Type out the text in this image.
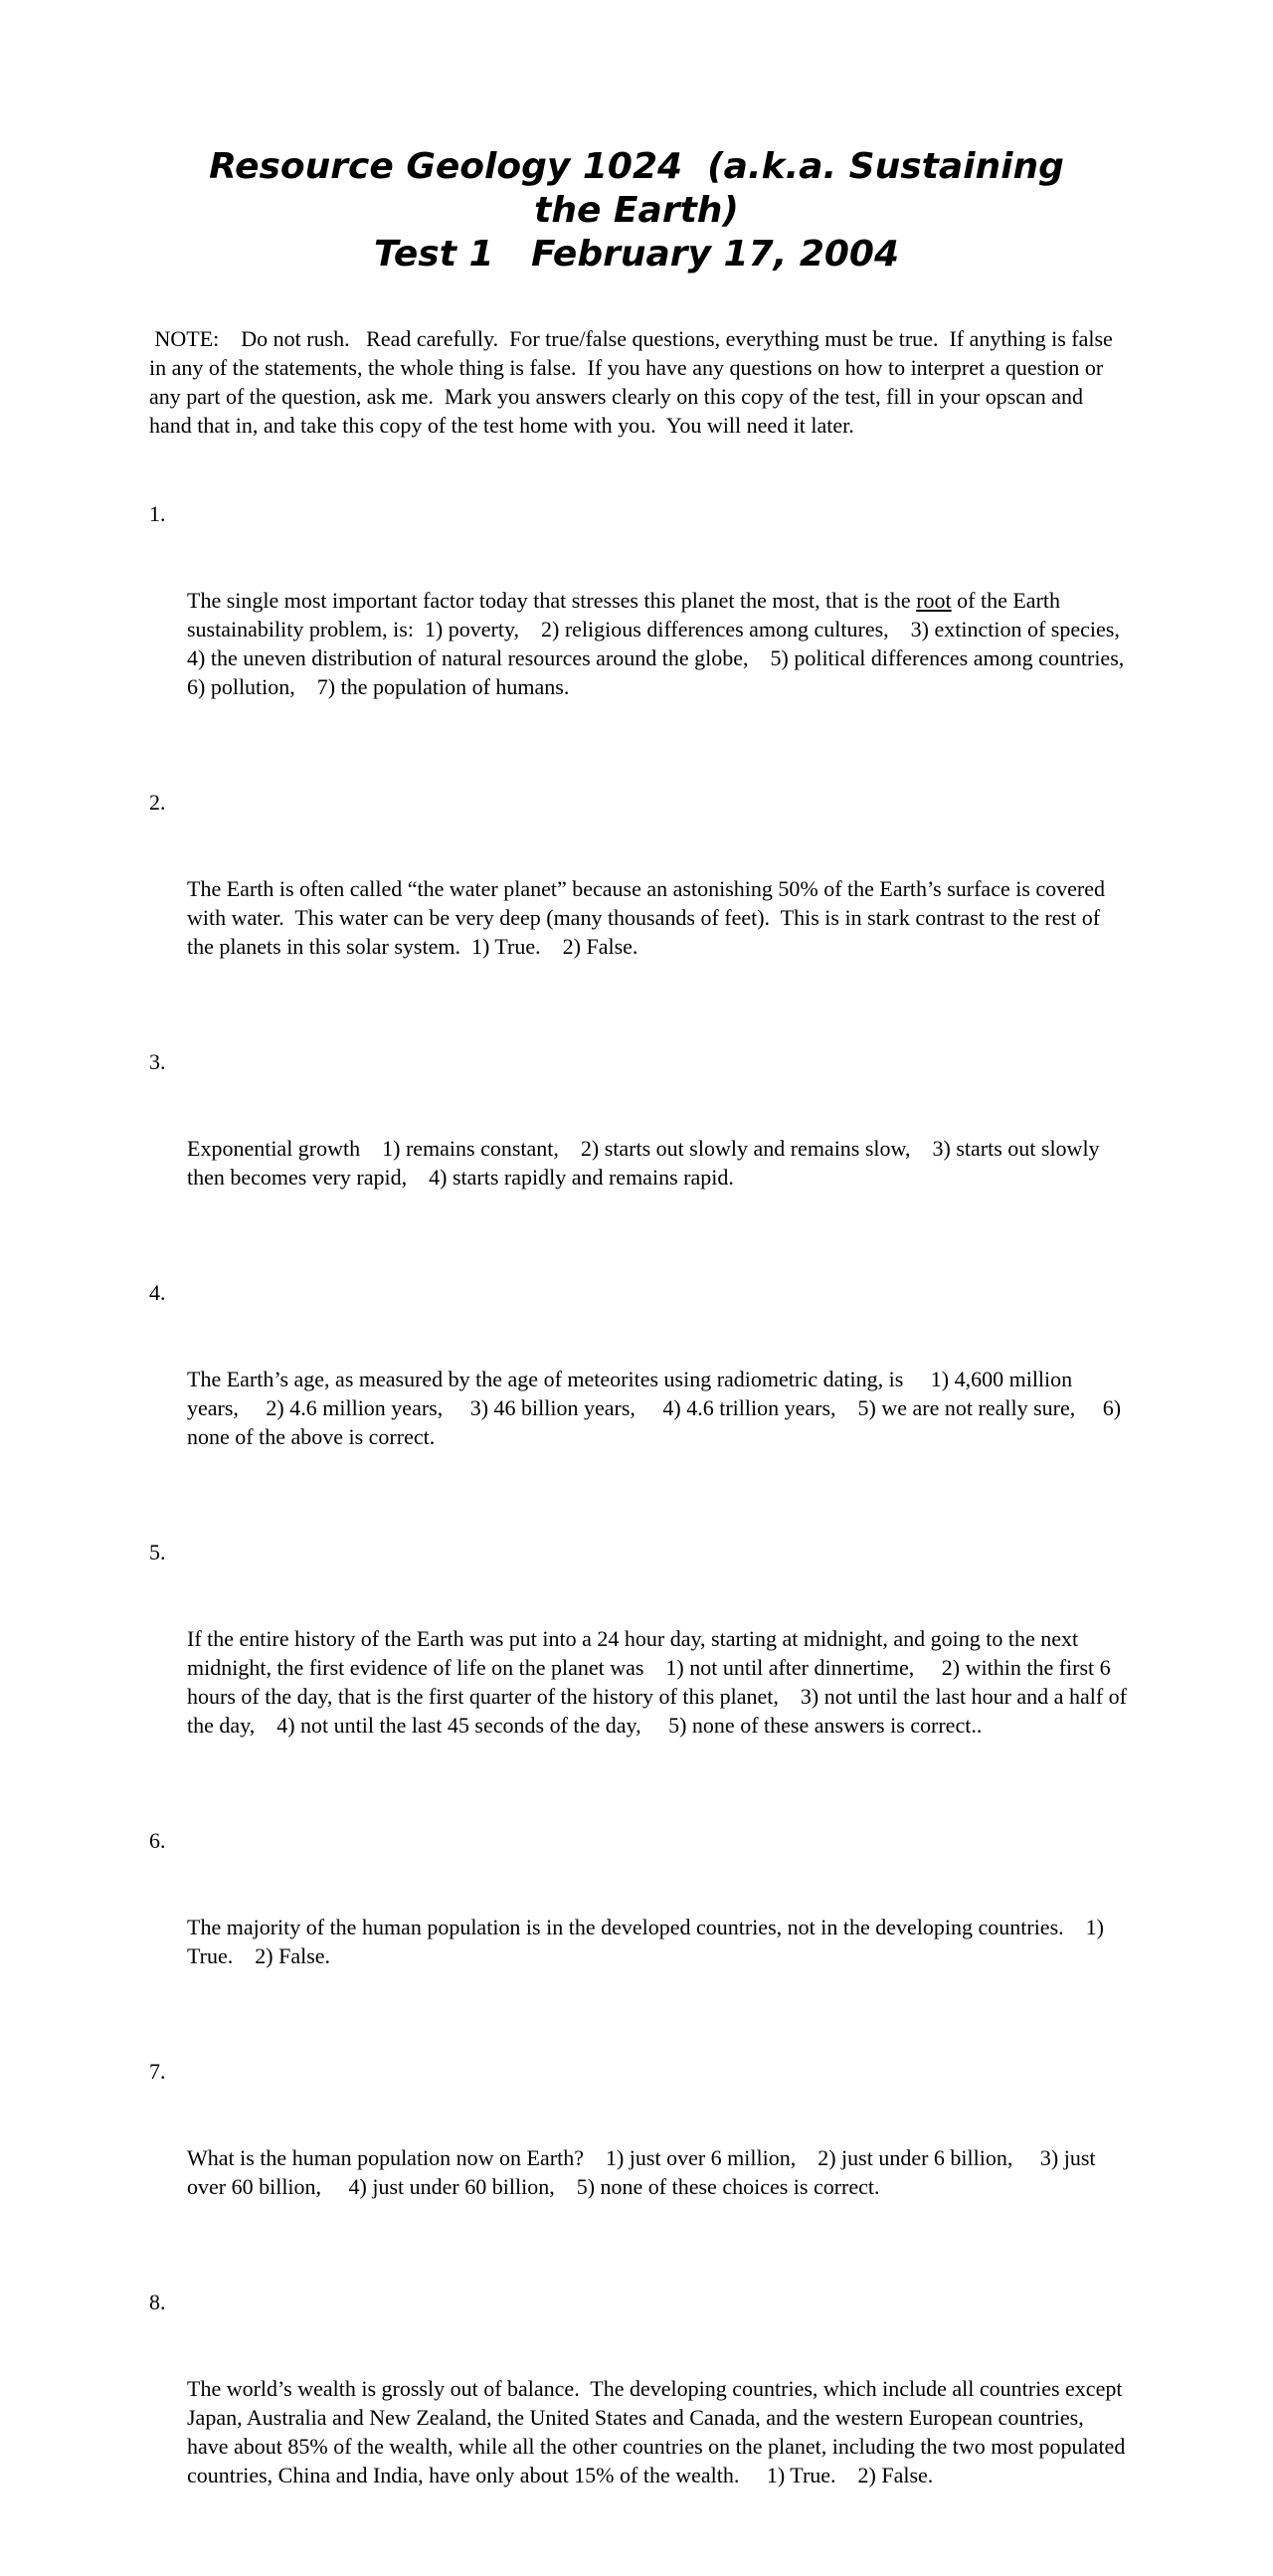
Resource Geology 1024  (a.k.a. Sustaining
the Earth)
Test 1   February 17, 2004

NOTE:    Do not rush.   Read carefully.  For true/false questions, everything must be true.  If anything is false in any of the statements, the whole thing is false.  If you have any questions on how to interpret a question or any part of the question, ask me.  Mark you answers clearly on this copy of the test, fill in your opscan and hand that in, and take this copy of the test home with you.  You will need it later.

1.

The single most important factor today that stresses this planet the most, that is the root of the Earth sustainability problem, is:  1) poverty,    2) religious differences among cultures,    3) extinction of species,    4) the uneven distribution of natural resources around the globe,    5) political differences among countries,     6) pollution,    7) the population of humans.

2.

The Earth is often called “the water planet” because an astonishing 50% of the Earth’s surface is covered with water.  This water can be very deep (many thousands of feet).  This is in stark contrast to the rest of the planets in this solar system.  1) True.    2) False.

3.

Exponential growth    1) remains constant,    2) starts out slowly and remains slow,    3) starts out slowly then becomes very rapid,    4) starts rapidly and remains rapid.

4.

The Earth’s age, as measured by the age of meteorites using radiometric dating, is     1) 4,600 million years,     2) 4.6 million years,     3) 46 billion years,     4) 4.6 trillion years,    5) we are not really sure,     6) none of the above is correct.

5.

If the entire history of the Earth was put into a 24 hour day, starting at midnight, and going to the next midnight, the first evidence of life on the planet was    1) not until after dinnertime,     2) within the first 6 hours of the day, that is the first quarter of the history of this planet,    3) not until the last hour and a half of the day,    4) not until the last 45 seconds of the day,     5) none of these answers is correct..

6.

The majority of the human population is in the developed countries, not in the developing countries.    1) True.    2) False.

7.

What is the human population now on Earth?    1) just over 6 million,    2) just under 6 billion,     3) just over 60 billion,     4) just under 60 billion,    5) none of these choices is correct.

8.

The world’s wealth is grossly out of balance.  The developing countries, which include all countries except Japan, Australia and New Zealand, the United States and Canada, and the western European countries, have about 85% of the wealth, while all the other countries on the planet, including the two most populated countries, China and India, have only about 15% of the wealth.     1) True.    2) False.
